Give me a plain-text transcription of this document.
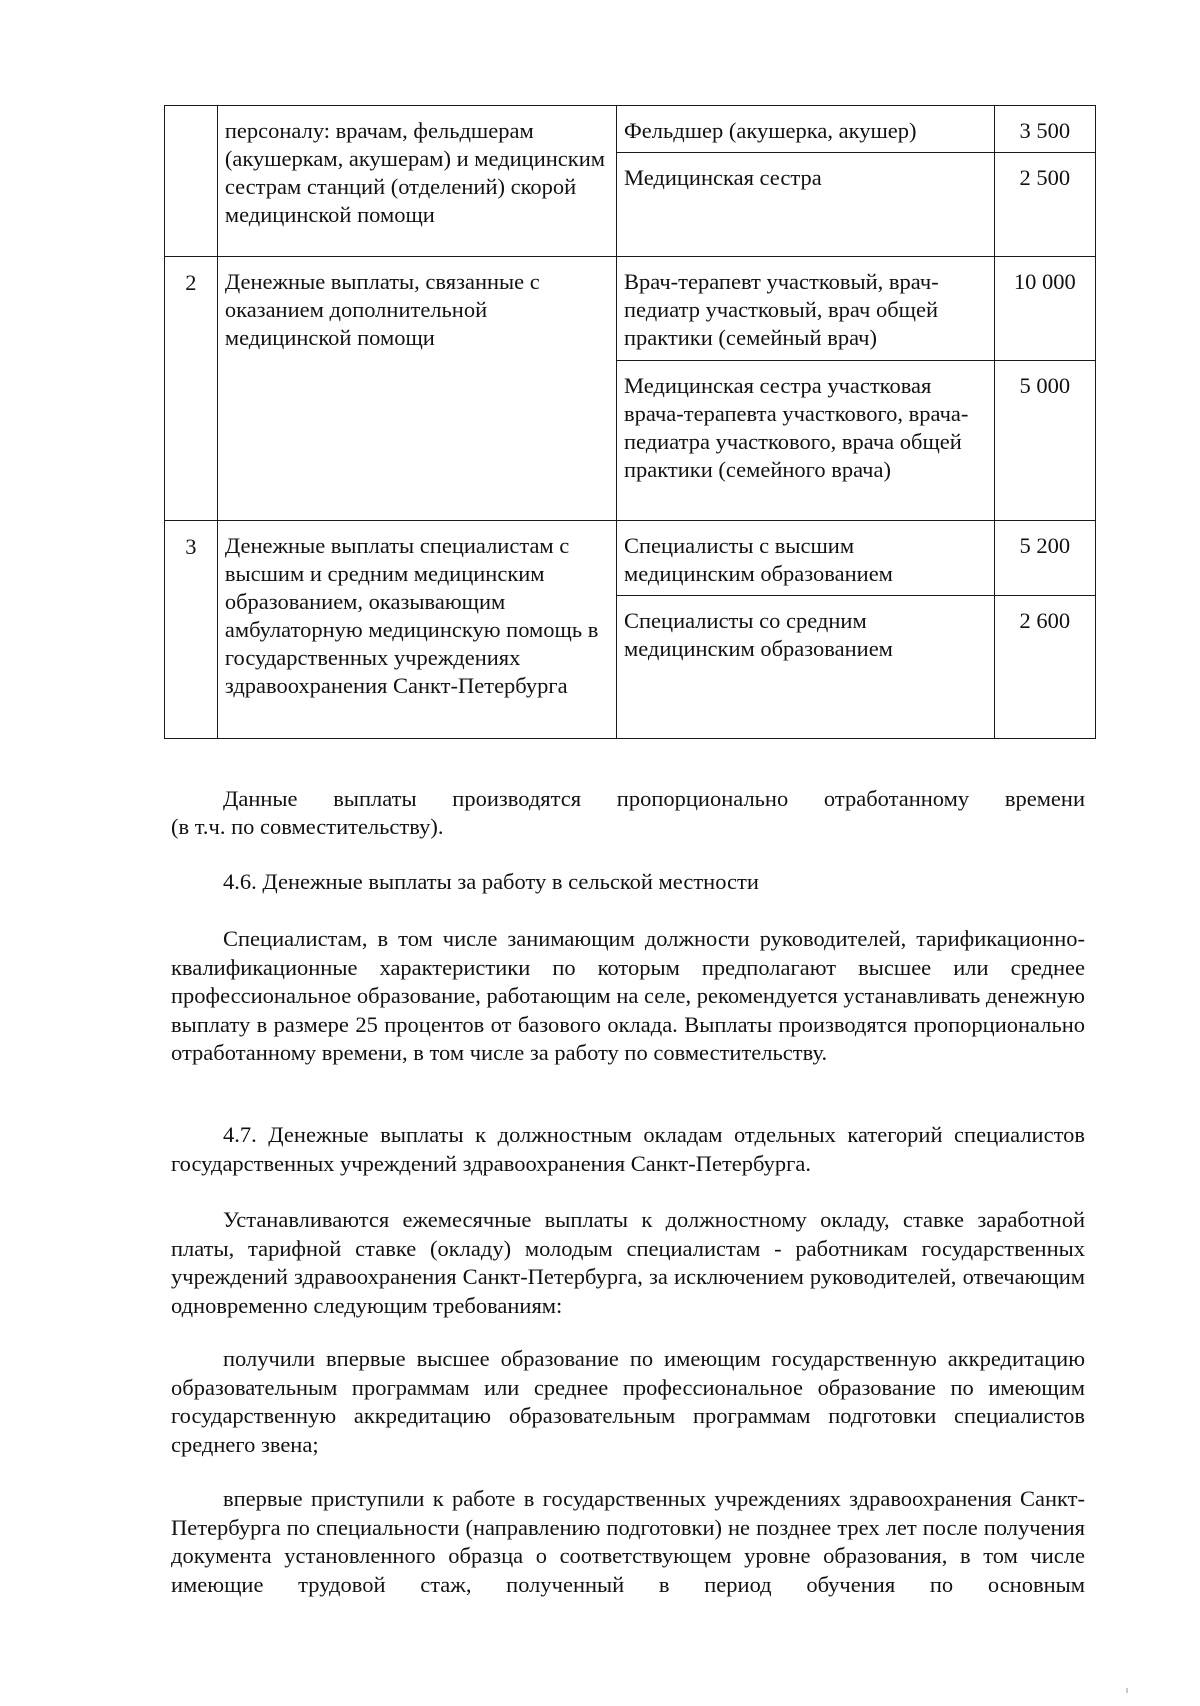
	персоналу: врачам, фельдшерам (акушеркам, акушерам) и медицинским сестрам станций (отделений) скорой медицинской помощи	Фельдшер (акушерка, акушер)	3 500
		Медицинская сестра	2 500
2	Денежные выплаты, связанные с оказанием дополнительной медицинской помощи	Врач-терапевт участковый, врач-педиатр участковый, врач общей практики (семейный врач)	10 000
		Медицинская сестра участковая врача-терапевта участкового, врача-педиатра участкового, врача общей практики (семейного врача)	5 000
3	Денежные выплаты специалистам с высшим и средним медицинским образованием, оказывающим амбулаторную медицинскую помощь в государственных учреждениях здравоохранения Санкт-Петербурга	Специалисты с высшим медицинским образованием	5 200
		Специалисты со средним медицинским образованием	2 600

Данные выплаты производятся пропорционально отработанному времени

(в т.ч. по совместительству).

4.6. Денежные выплаты за работу в сельской местности

Специалистам, в том числе занимающим должности руководителей, тарификационно-квалификационные характеристики по которым предполагают высшее или среднее профессиональное образование, работающим на селе, рекомендуется устанавливать денежную выплату в размере 25 процентов от базового оклада. Выплаты производятся пропорционально отработанному времени, в том числе за работу по совместительству.

4.7. Денежные выплаты к должностным окладам отдельных категорий специалистов государственных учреждений здравоохранения Санкт-Петербурга.

Устанавливаются ежемесячные выплаты к должностному окладу, ставке заработной платы, тарифной ставке (окладу) молодым специалистам - работникам государственных учреждений здравоохранения Санкт-Петербурга, за исключением руководителей, отвечающим одновременно следующим требованиям:

получили впервые высшее образование по имеющим государственную аккредитацию образовательным программам или среднее профессиональное образование по имеющим государственную аккредитацию образовательным программам подготовки специалистов среднего звена;

впервые приступили к работе в государственных учреждениях здравоохранения Санкт-Петербурга по специальности (направлению подготовки) не позднее трех лет после получения документа установленного образца о соответствующем уровне образования, в том числе имеющие трудовой стаж, полученный в период обучения по основным
